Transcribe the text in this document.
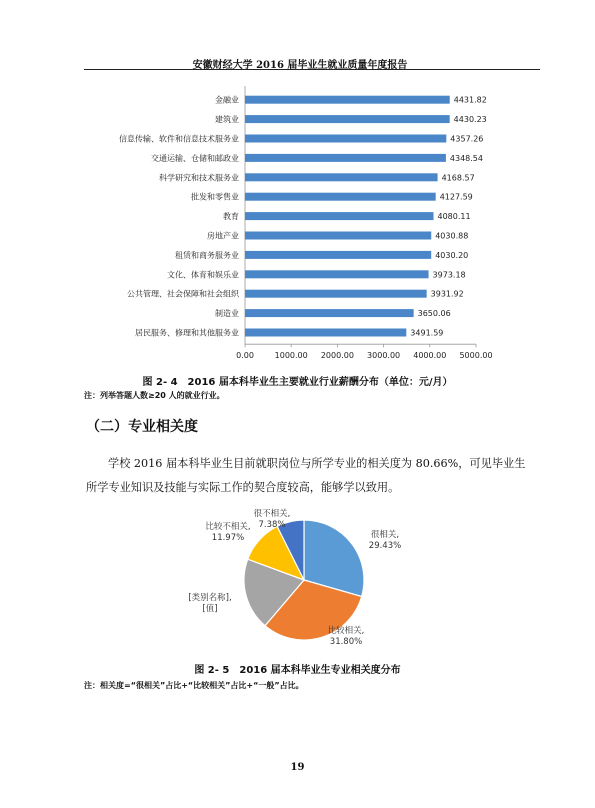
安徽财经大学 2016 届毕业生就业质量年度报告
金融业	4431.82
建筑业	4430.23
信息传输、软件和信息技术服务业	4357.26
交通运输、仓储和邮政业	4348.54
科学研究和技术服务业	4168.57
批发和零售业	4127.59
教育	4080.11
房地产业	4030.88
租赁和商务服务业	4030.20
文化、体育和娱乐业	3973.18
公共管理、社会保障和社会组织	3931.92
制造业	3650.06
居民服务、修理和其他服务业	3491.59
0.00	1000.00 2000.00 3000.00 4000.00 5000.00
图 2- 4　2016 届本科毕业生主要就业行业薪酬分布（单位：元/月）
注：列举答题人数≥20 人的就业行业。
（二）专业相关度
学校 2016 届本科毕业生目前就职岗位与所学专业的相关度为 80.66%，可见毕业生所学专业知识及技能与实际工作的契合度较高，能够学以致用。
很相关,
29.43%
比较相关,
31.80%
[类别名称],
[值]
比较不相关,
11.97%
很不相关,
7.38%
图 2- 5　2016 届本科毕业生专业相关度分布
注：相关度=“很相关”占比+“比较相关”占比+“一般”占比。
19
